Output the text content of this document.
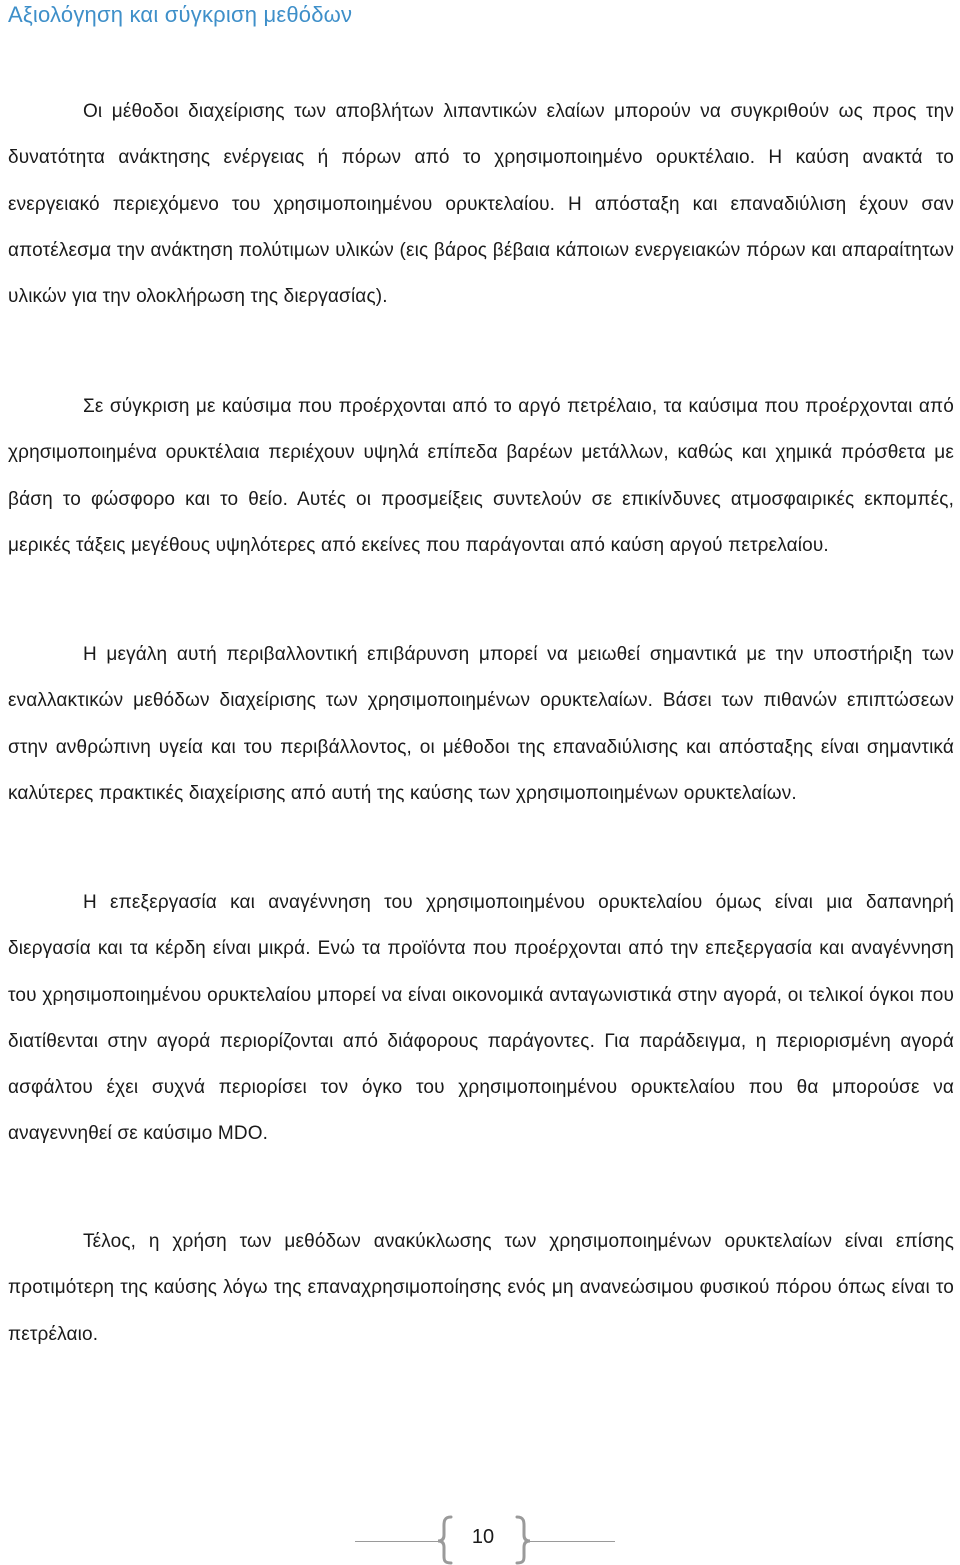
Αξιολόγηση και σύγκριση μεθόδων

Οι μέθοδοι διαχείρισης των αποβλήτων λιπαντικών ελαίων μπορούν να συγκριθούν ως προς την δυνατότητα ανάκτησης ενέργειας ή πόρων από το χρησιμοποιημένο ορυκτέλαιο. Η καύση ανακτά το ενεργειακό περιεχόμενο του χρησιμοποιημένου ορυκτελαίου. Η απόσταξη και επαναδιύλιση έχουν σαν αποτέλεσμα την ανάκτηση πολύτιμων υλικών (εις βάρος βέβαια κάποιων ενεργειακών πόρων και απαραίτητων υλικών για την ολοκλήρωση της διεργασίας).

Σε σύγκριση με καύσιμα που προέρχονται από το αργό πετρέλαιο, τα καύσιμα που προέρχονται από χρησιμοποιημένα ορυκτέλαια περιέχουν υψηλά επίπεδα βαρέων μετάλλων, καθώς και χημικά πρόσθετα με βάση το φώσφορο και το θείο. Αυτές οι προσμείξεις συντελούν σε επικίνδυνες ατμοσφαιρικές εκπομπές, μερικές τάξεις μεγέθους υψηλότερες από εκείνες που παράγονται από καύση αργού πετρελαίου.

Η μεγάλη αυτή περιβαλλοντική επιβάρυνση μπορεί να μειωθεί σημαντικά με την υποστήριξη των εναλλακτικών μεθόδων διαχείρισης των χρησιμοποιημένων ορυκτελαίων. Βάσει των πιθανών επιπτώσεων στην ανθρώπινη υγεία και του περιβάλλοντος, οι μέθοδοι της επαναδιύλισης και απόσταξης είναι σημαντικά καλύτερες πρακτικές διαχείρισης από αυτή της καύσης των χρησιμοποιημένων ορυκτελαίων.

Η επεξεργασία και αναγέννηση του χρησιμοποιημένου ορυκτελαίου όμως είναι μια δαπανηρή διεργασία και τα κέρδη είναι μικρά. Ενώ τα προϊόντα που προέρχονται από την επεξεργασία και αναγέννηση του χρησιμοποιημένου ορυκτελαίου μπορεί να είναι οικονομικά ανταγωνιστικά στην αγορά, οι τελικοί όγκοι που διατίθενται στην αγορά περιορίζονται από διάφορους παράγοντες. Για παράδειγμα, η περιορισμένη αγορά ασφάλτου έχει συχνά περιορίσει τον όγκο του χρησιμοποιημένου ορυκτελαίου που θα μπορούσε να αναγεννηθεί σε καύσιμο MDO.

Τέλος, η χρήση των μεθόδων ανακύκλωσης των χρησιμοποιημένων ορυκτελαίων είναι επίσης προτιμότερη της καύσης λόγω της επαναχρησιμοποίησης ενός μη ανανεώσιμου φυσικού πόρου όπως είναι το πετρέλαιο.

10
